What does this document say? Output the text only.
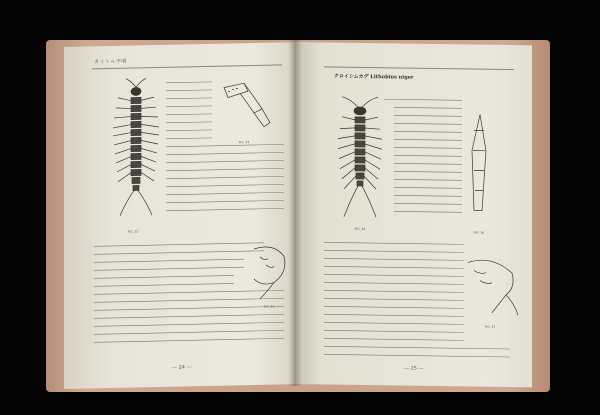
タイトル不明
FIG. 22
FIG. 23
FIG. 24
— 24 —
クロイシムカデ Lithobius niger
FIG. 25
FIG. 26
FIG. 27
— 25 —
